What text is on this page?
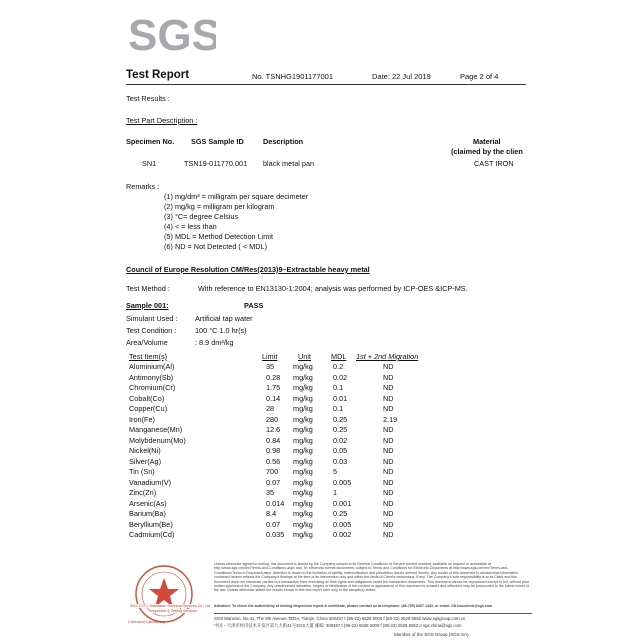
SGS
Test Report	No. TSNHG1901177001	Date: 22 Jul 2019	Page 2 of 4
Test Results :
Test Part Description :
Specimen No. SGS Sample ID	Description	Material
(claimed by the clien
SN1	TSN19-011770.001 black metal pan	CAST IRON
Remarks :
(1) mg/dm² = milligram per square decimeter
(2) mg/kg = milligram per kilogram
(3) °C= degree Celsius
(4) < = less than
(5) MDL = Method Detection Limit
(6) ND = Not Detected ( < MDL)
Council of Europe Resolution CM/Res(2013)9–Extractable heavy metal
Test Method :	With reference to EN13130-1:2004; analysis was performed by ICP-OES &ICP-MS.
Sample 001:	PASS
Simulant Used : Artificial tap water
Test Condition :	100 °C 1.0 hr(s)
Area/Volume	: 8.9 dm²/kg
Test Item(s)	Limit	Unit	MDL 1st + 2nd Migration
Aluminium(Al)	35	mg/kg	0.2	ND
Antimony(Sb)	0.28 mg/kg	0.02	ND
Chromium(Cr)	1.75 mg/kg	0.1	ND
Cobalt(Co)	0.14 mg/kg	0.01	ND
Copper(Cu)	28	mg/kg	0.1	ND
Iron(Fe)	280 mg/kg	0.25	2.19
Manganese(Mn)	12.6 mg/kg	0.25	ND
Molybdenum(Mo)	0.84 mg/kg	0.02	ND
Nickel(Ni)	0.98 mg/kg	0.05	ND
Silver(Ag)	0.56 mg/kg	0.03	ND
Tin (Sn)	700 mg/kg	5	ND
Vanadium(V)	0.07 mg/kg	0.005	ND
Zinc(Zn)	35	mg/kg	1	ND
Arsenic(As)	0.014 mg/kg	0.001	ND
Barium(Ba)	8.4 mg/kg	0.25	ND
Beryllium(Be)	0.07 mg/kg	0.005	ND
Cadmium(Cd)	0.035 mg/kg	0.002	ND
SGS-CSTC Standards Technical Services Co., Ltd.
Inspection & Testing Services
Chemical Laboratory
Unless otherwise agreed in writing, this document is issued by the Company subject to its General Conditions of Service printed overleaf, available on request or accessible at http://www.sgs.com/en/Terms-and-Conditions.aspx and, for electronic format documents, subject to Terms and Conditions for Electronic Documents at http://www.sgs.com/en/Terms-and-Conditions/Terms-e-Document.aspx. Attention is drawn to the limitation of liability, indemnification and jurisdiction issues defined therein. Any holder of this document is advised that information contained hereon reflects the Company's findings at the time of its intervention only and within the limits of Client's instructions, if any. The Company's sole responsibility is to its Client and this document does not exonerate parties to a transaction from exercising all their rights and obligations under the transaction documents. This document cannot be reproduced except in full, without prior written approval of the Company. Any unauthorized alteration, forgery or falsification of the content or appearance of this document is unlawful and offenders may be prosecuted to the fullest extent of the law. Unless otherwise stated the results shown in this test report refer only to the sample(s) tested.
Attention: To check the authenticity of testing /inspection report & certificate, please contact us at telephone: (86-755) 8307 1443, or email: CN.Doccheck@sgs.com
SGS Mansion, No.41, The 9th Avenue TEDA, Tianjin, China 300457 t (86-22) 6528 6000 f (86-22) 2528 6052 www.sgsgroup.com.cn
中国・天津市经济技术开发区第九大街41号SGS大厦 邮编: 300457 t (86-22) 6528 6000 f (86-22) 2528 6052 e sgs.china@sgs.com
Member of the SGS Group (SGS SA)
